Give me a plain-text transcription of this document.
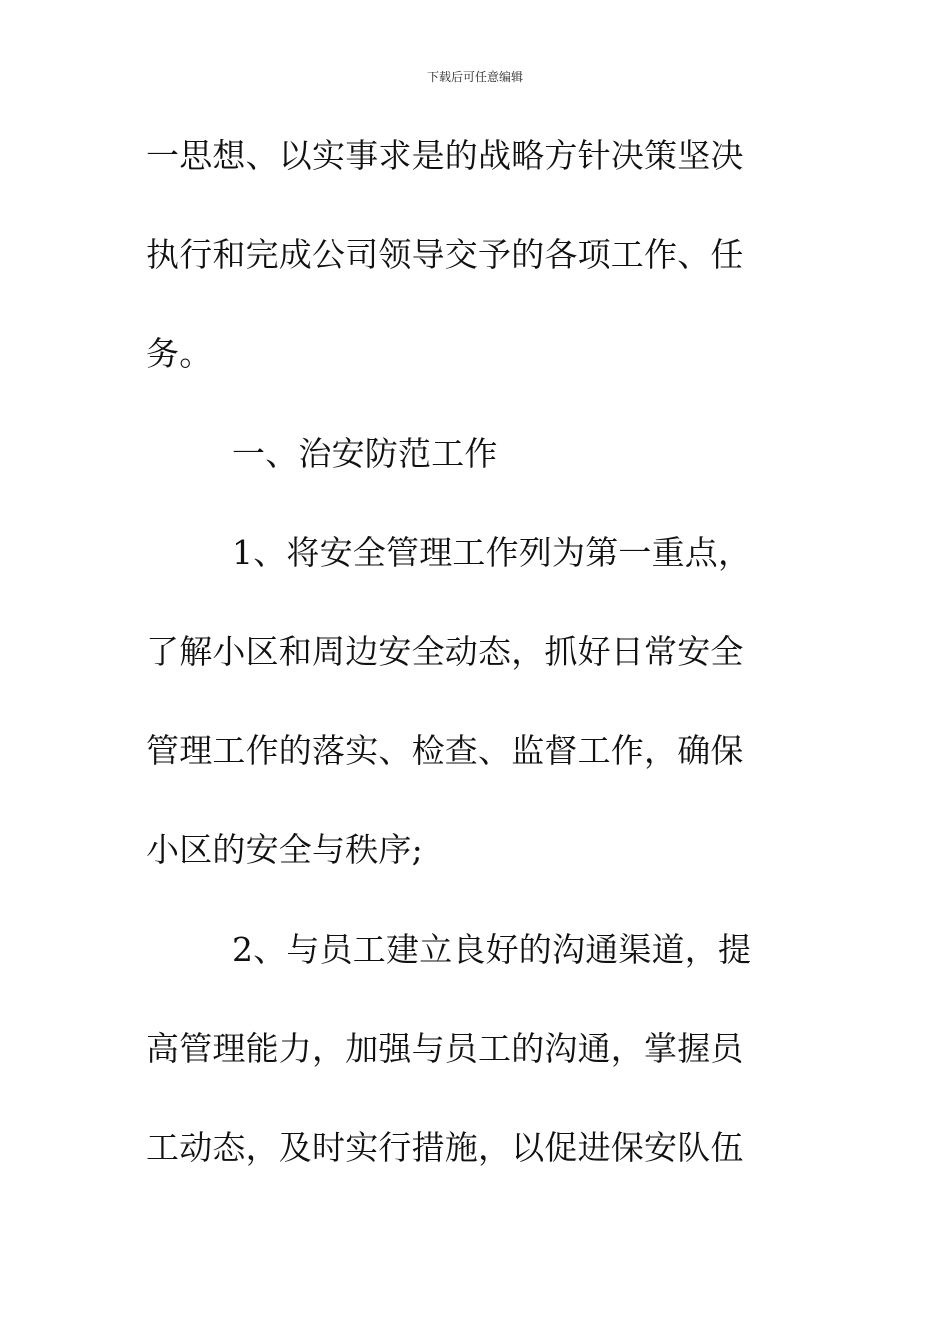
下载后可任意编辑
一思想、以实事求是的战略方针决策坚决
执行和完成公司领导交予的各项工作、任
务。
一、治安防范工作
1、将安全管理工作列为第一重点，
了解小区和周边安全动态，抓好日常安全
管理工作的落实、检查、监督工作，确保
小区的安全与秩序;
2、与员工建立良好的沟通渠道，提
高管理能力，加强与员工的沟通，掌握员
工动态，及时实行措施，以促进保安队伍
